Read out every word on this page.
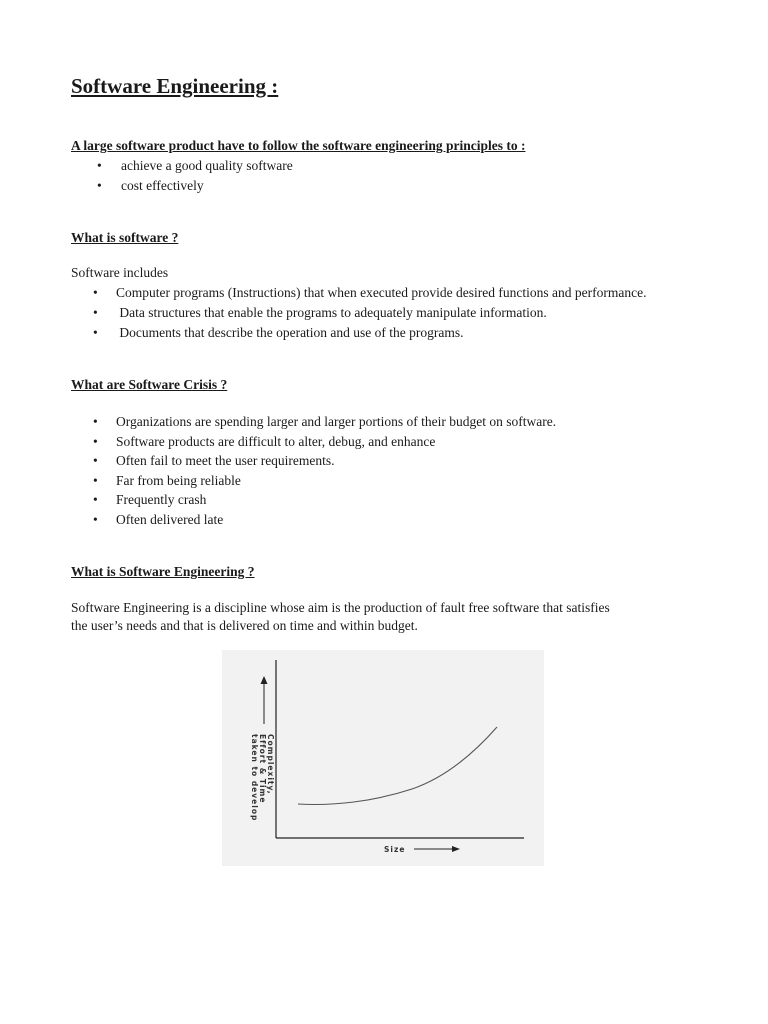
Software Engineering :
A large software product have to follow the software engineering principles to :
• achieve a good quality software
• cost effectively
What is software ?

Software includes

• Computer programs (Instructions) that when executed provide desired functions and performance.
• Data structures that enable the programs to adequately manipulate information.
• Documents that describe the operation and use of the programs.
What are Software Crisis ?
• Organizations are spending larger and larger portions of their budget on software.
• Software products are difficult to alter, debug, and enhance
• Often fail to meet the user requirements.
• Far from being reliable
• Frequently crash
• Often delivered late
What is Software Engineering ?

Software Engineering is a discipline whose aim is the production of fault free software that satisfies the user’s needs and that is delivered on time and within budget.

Complexity, Effort & Time taken to develop
Size
